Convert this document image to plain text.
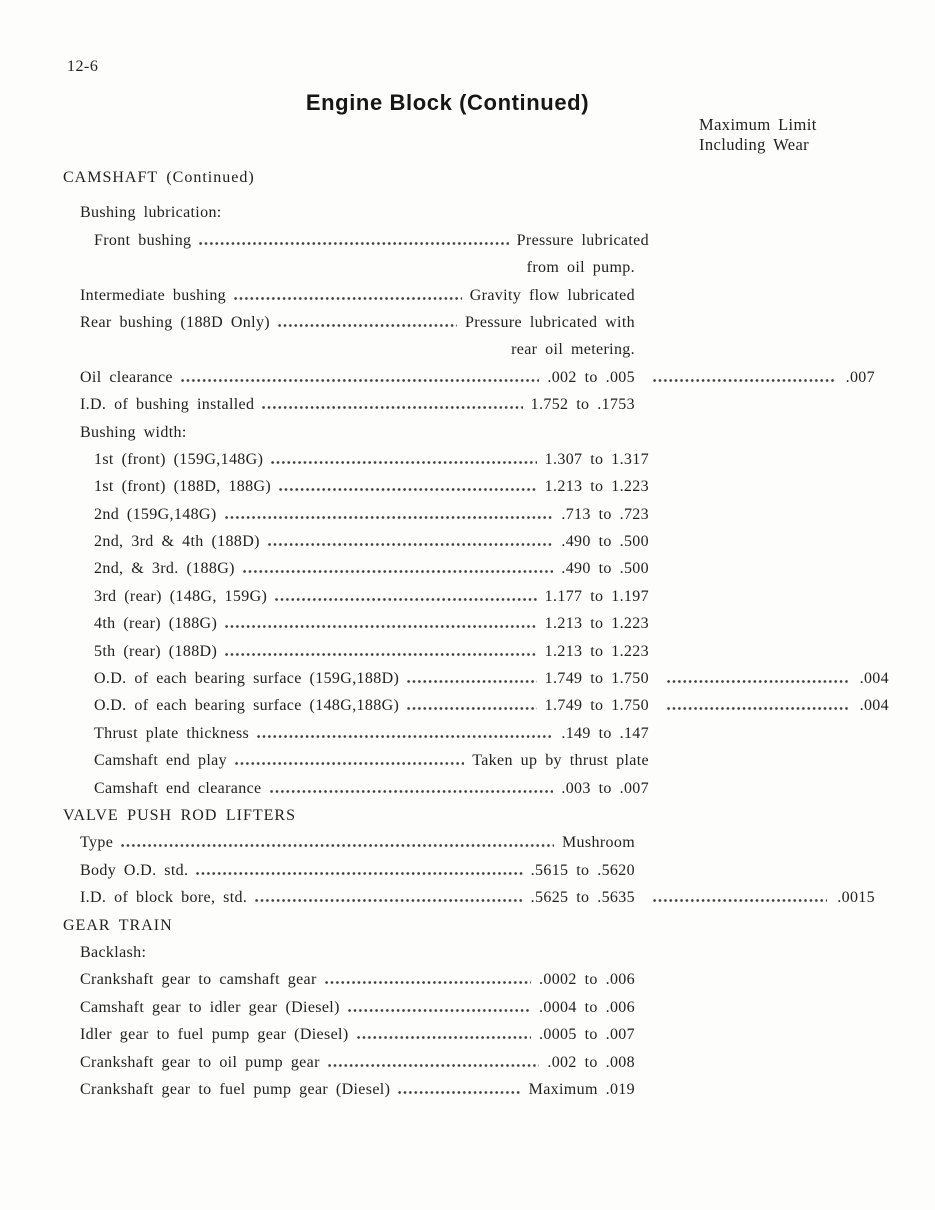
12-6
Engine Block (Continued)
Maximum Limit
Including Wear
CAMSHAFT (Continued)
Bushing lubrication:
Front bushing	Pressure lubricated
from oil pump.
Intermediate bushing	Gravity flow lubricated
Rear bushing (188D Only)	Pressure lubricated with
rear oil metering.
Oil clearance	.002 to .005	.007
I.D. of bushing installed	1.752 to .1753
Bushing width:
1st (front) (159G,148G)	1.307 to 1.317
1st (front) (188D, 188G)	1.213 to 1.223
2nd (159G,148G)	.713 to .723
2nd, 3rd & 4th (188D)	.490 to .500
2nd, & 3rd. (188G)	.490 to .500
3rd (rear) (148G, 159G)	1.177 to 1.197
4th (rear) (188G)	1.213 to 1.223
5th (rear) (188D)	1.213 to 1.223
O.D. of each bearing surface (159G,188D)	1.749 to 1.750	.004
O.D. of each bearing surface (148G,188G)	1.749 to 1.750	.004
Thrust plate thickness	.149 to .147
Camshaft end play	Taken up by thrust plate
Camshaft end clearance	.003 to .007
VALVE PUSH ROD LIFTERS
Type	Mushroom
Body O.D. std.	.5615 to .5620
I.D. of block bore, std.	.5625 to .5635	.0015
GEAR TRAIN
Backlash:
Crankshaft gear to camshaft gear	.0002 to .006
Camshaft gear to idler gear (Diesel)	.0004 to .006
Idler gear to fuel pump gear (Diesel)	.0005 to .007
Crankshaft gear to oil pump gear	.002 to .008
Crankshaft gear to fuel pump gear (Diesel)	Maximum .019
